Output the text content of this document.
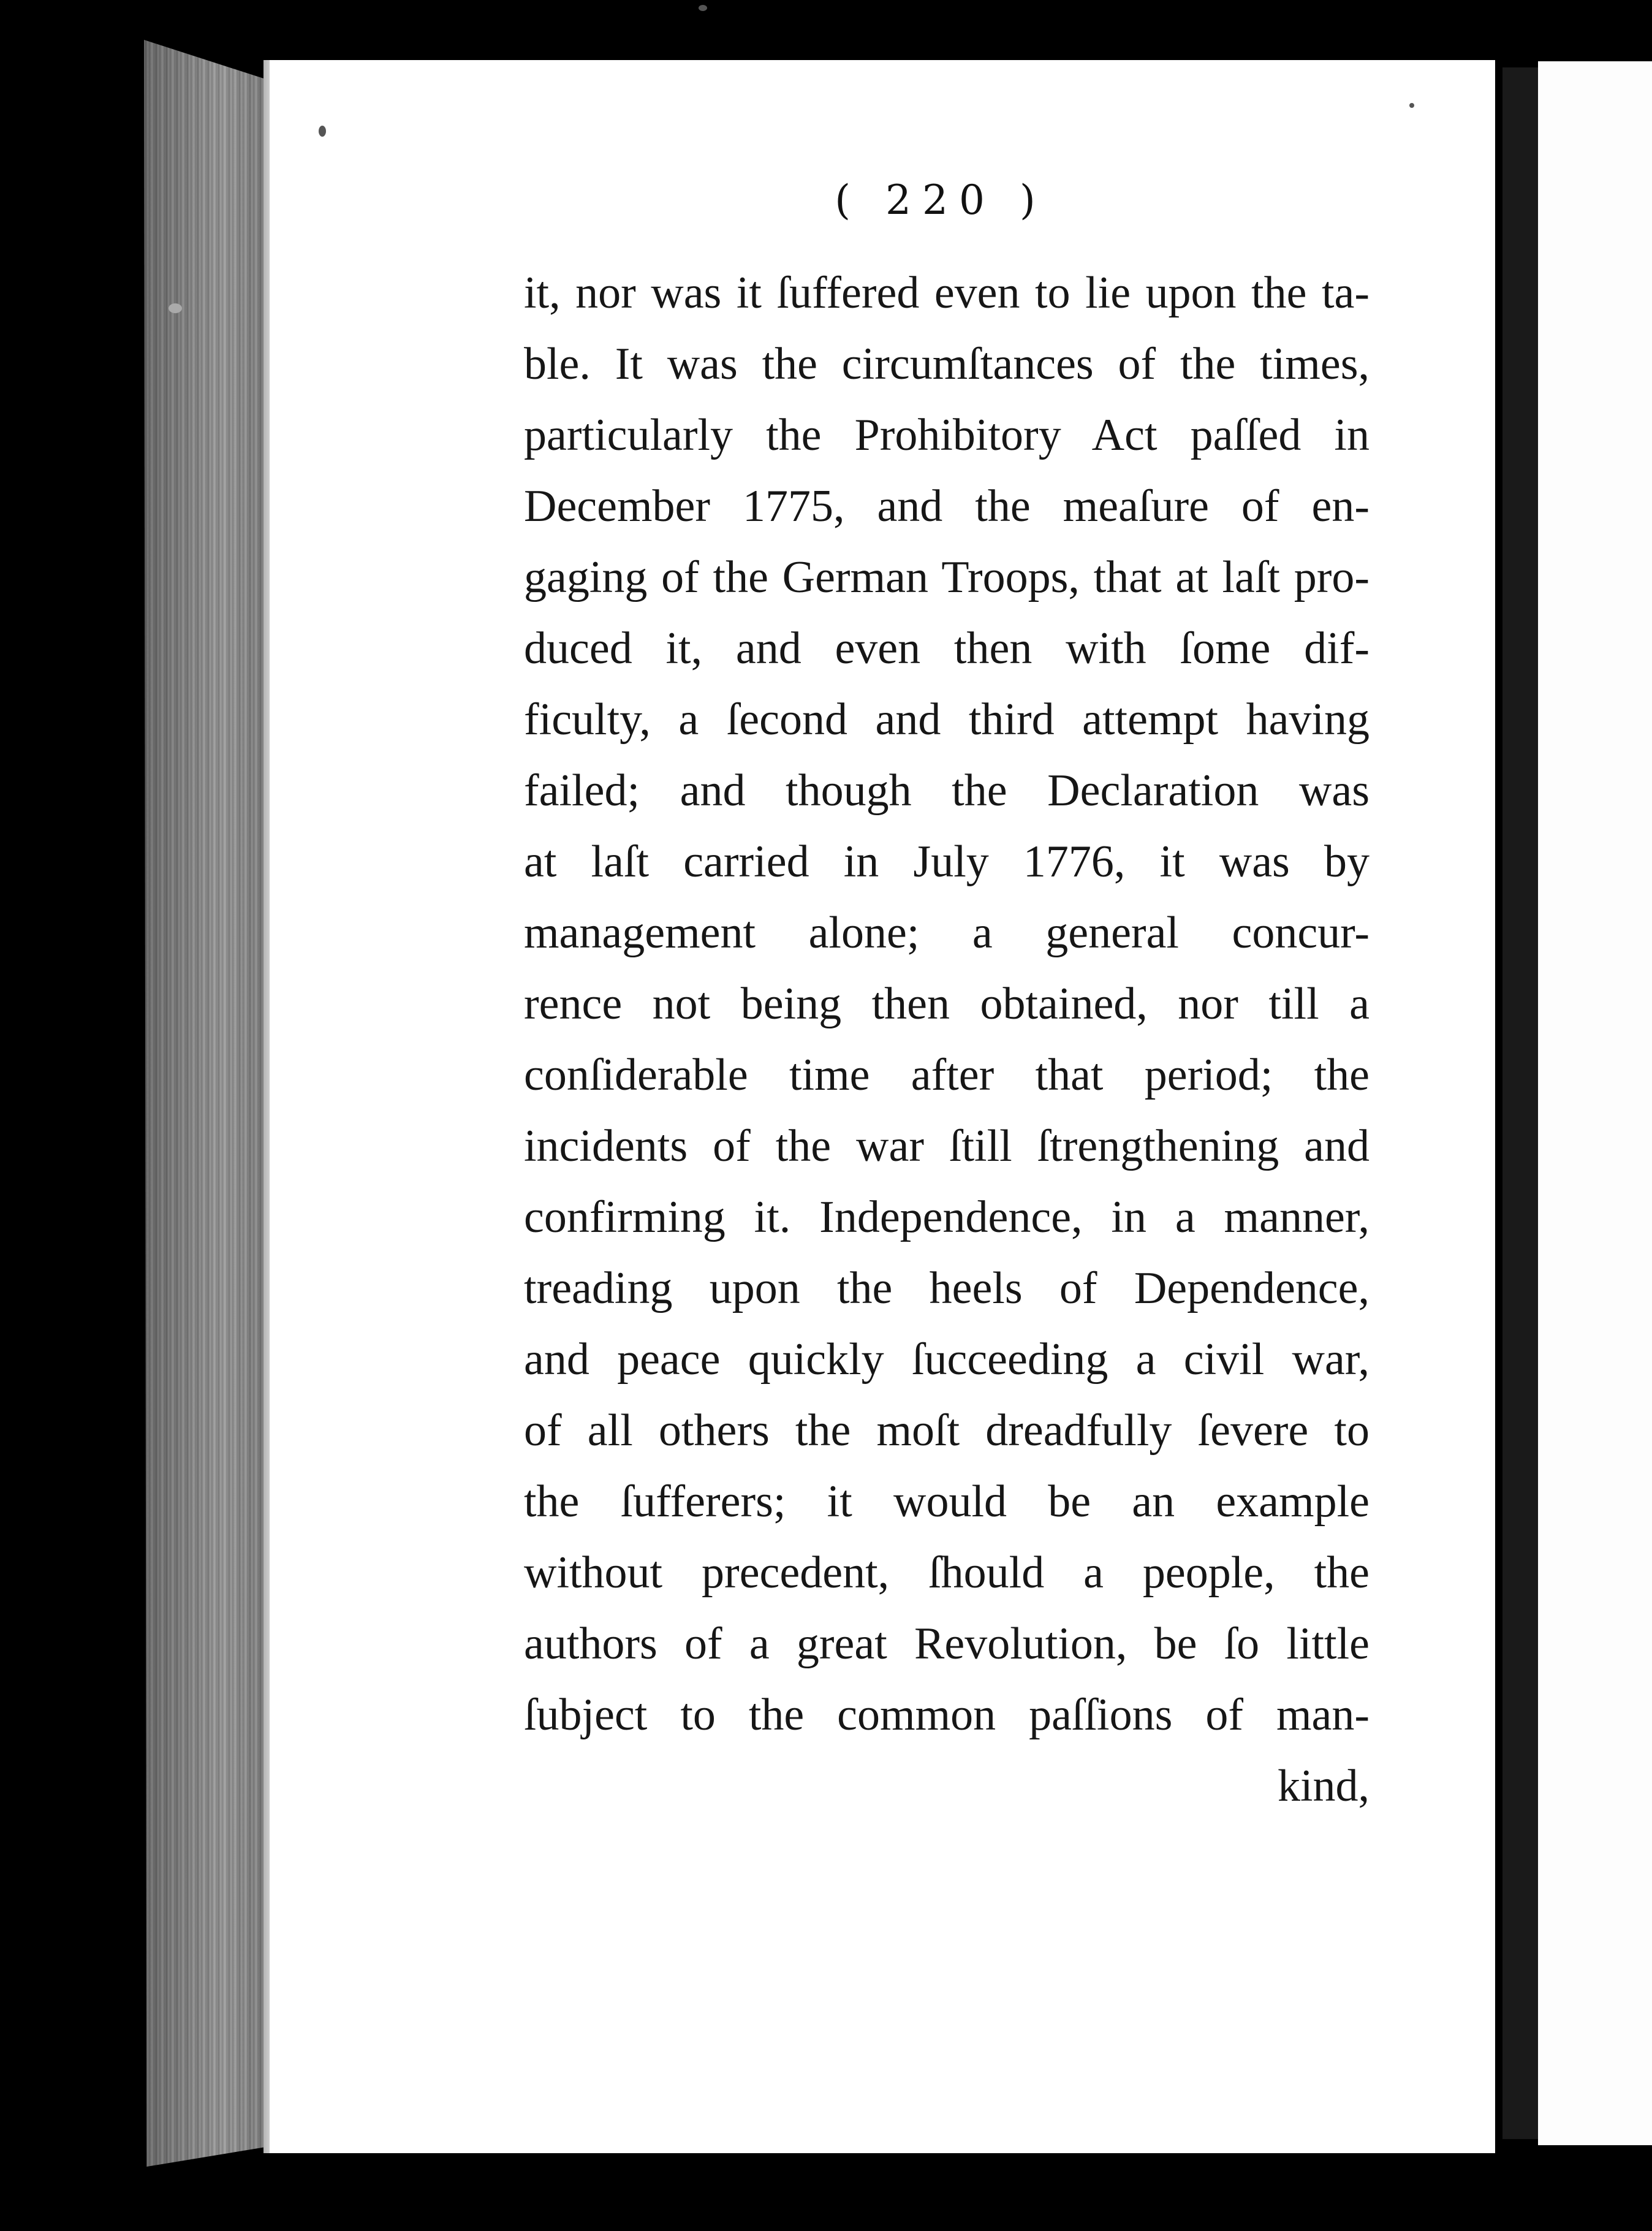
( 220 )
it, nor was it ſuffered even to lie upon the ta-
ble. It was the circumſtances of the times,
particularly the Prohibitory Act paſſed in
December 1775, and the meaſure of en-
gaging of the German Troops, that at laſt pro-
duced it, and even then with ſome dif-
ficulty, a ſecond and third attempt having
failed; and though the Declaration was
at laſt carried in July 1776, it was by
management alone; a general concur-
rence not being then obtained, nor till a
conſiderable time after that period; the
incidents of the war ſtill ſtrengthening and
confirming it. Independence, in a manner,
treading upon the heels of Dependence,
and peace quickly ſucceeding a civil war,
of all others the moſt dreadfully ſevere to
the ſufferers; it would be an example
without precedent, ſhould a people, the
authors of a great Revolution, be ſo little
ſubject to the common paſſions of man-
kind,
